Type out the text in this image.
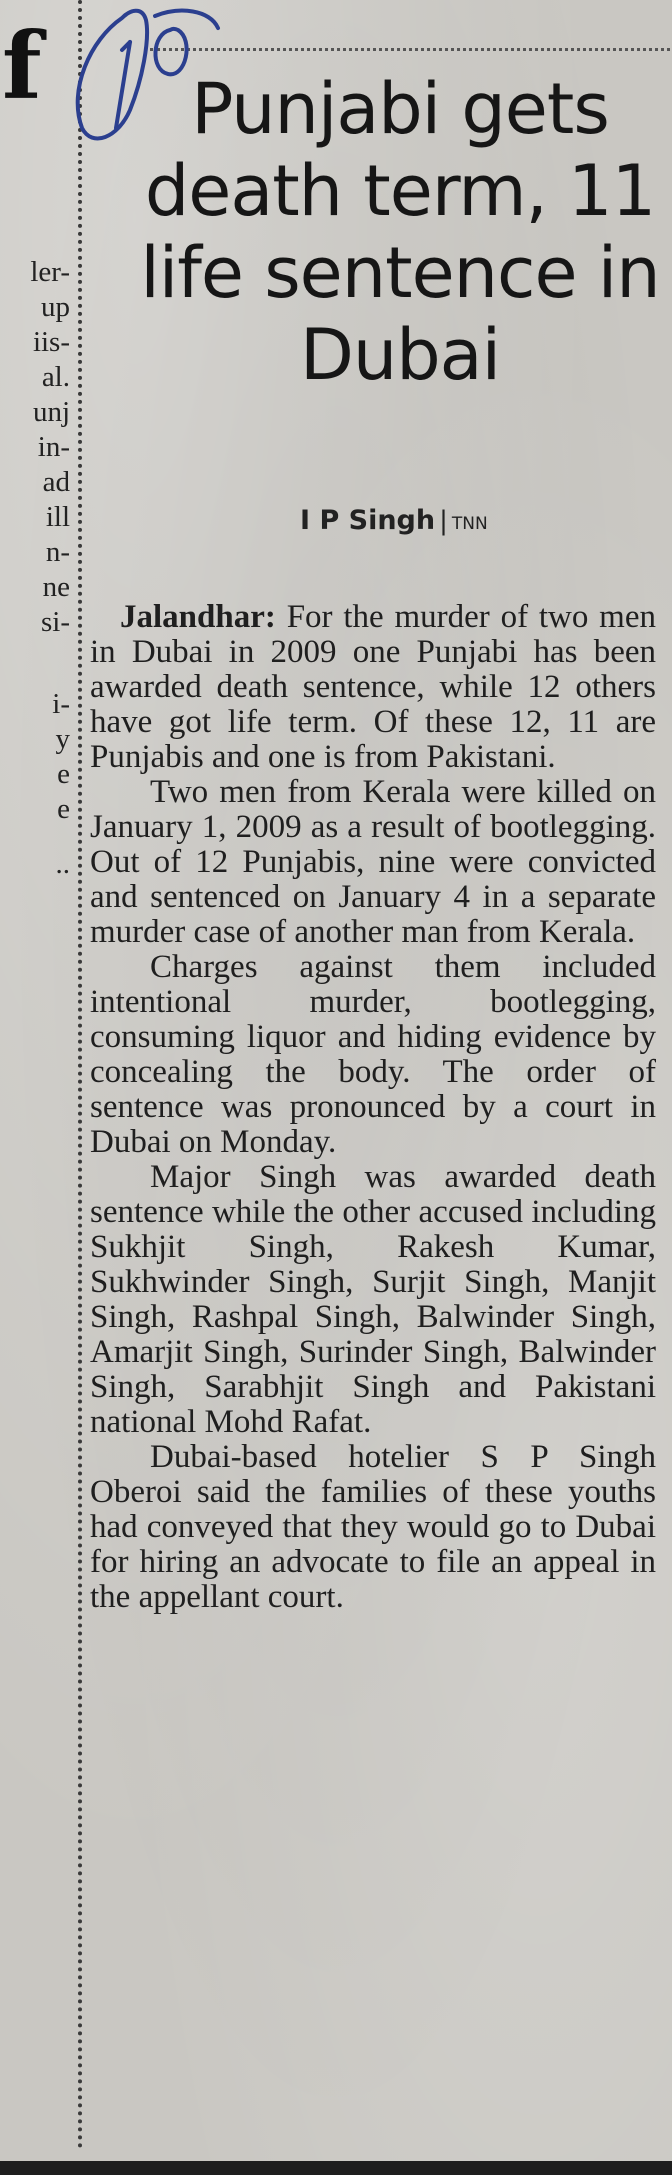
f
ler-
up
iis-
al.
unj
in-
ad
ill
n-
ne
si-
i-
y
e
e
..
Punjabi gets death term, 11 life sentence in Dubai
I P Singh | TNN

Jalandhar: For the murder of two men in Dubai in 2009 one Punjabi has been awarded death sentence, while 12 others have got life term. Of these 12, 11 are Punjabis and one is from Pakistani.

Two men from Kerala were killed on January 1, 2009 as a result of bootlegging. Out of 12 Punjabis, nine were convicted and sentenced on January 4 in a separate murder case of another man from Kerala.

Charges against them included intentional murder, bootlegging, consuming liquor and hiding evidence by concealing the body. The order of sentence was pronounced by a court in Dubai on Monday.

Major Singh was awarded death sentence while the other accused including Sukhjit Singh, Rakesh Kumar, Sukhwinder Singh, Surjit Singh, Manjit Singh, Rashpal Singh, Balwinder Singh, Amarjit Singh, Surinder Singh, Balwinder Singh, Sarabhjit Singh and Pakistani national Mohd Rafat.

Dubai-based hotelier S P Singh Oberoi said the families of these youths had conveyed that they would go to Dubai for hiring an advocate to file an appeal in the appellant court.
